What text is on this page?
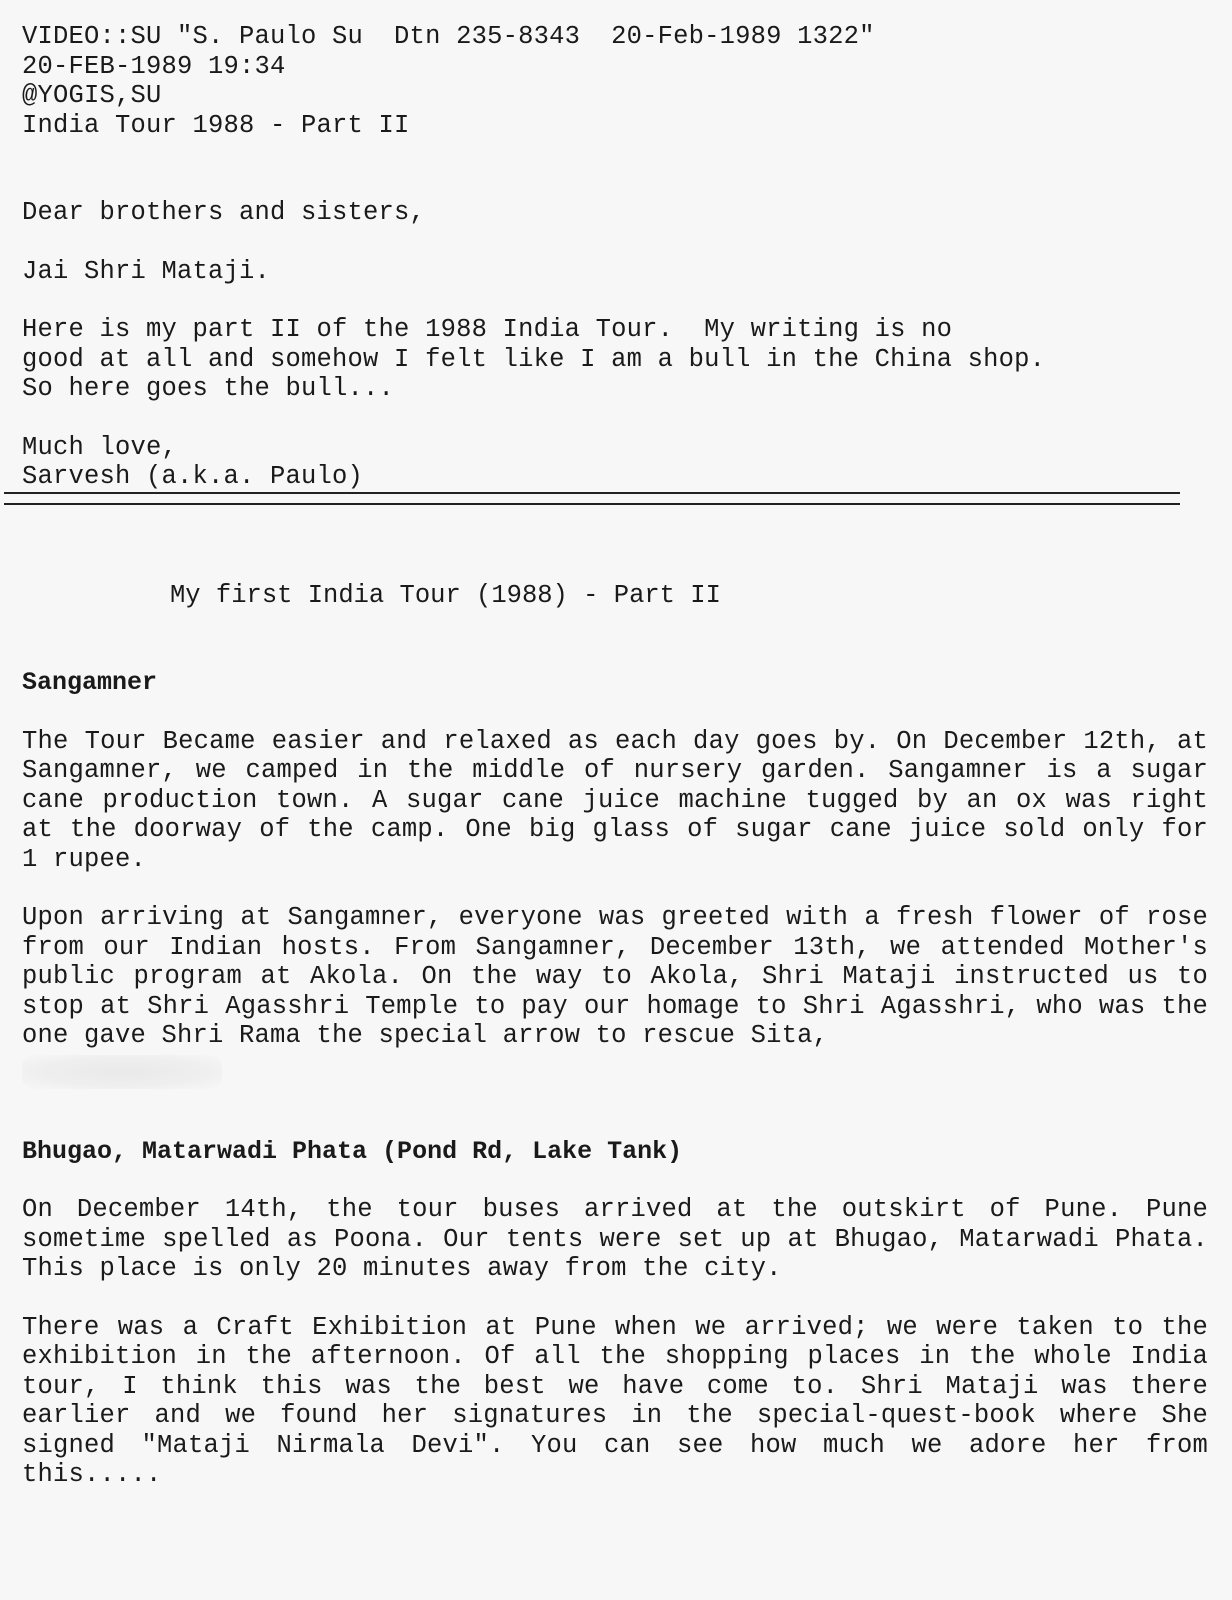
VIDEO::SU "S. Paulo Su  Dtn 235-8343  20-Feb-1989 1322"
20-FEB-1989 19:34
@YOGIS,SU
India Tour 1988 - Part II
Dear brothers and sisters,
Jai Shri Mataji.
Here is my part II of the 1988 India Tour.  My writing is no
good at all and somehow I felt like I am a bull in the China shop.
So here goes the bull...
Much love,
Sarvesh (a.k.a. Paulo)
My first India Tour (1988) - Part II
Sangamner
The Tour Became easier and relaxed as each day goes by. On December 12th, at Sangamner, we camped in the middle of nursery garden. Sangamner is a sugar cane production town. A sugar cane juice machine tugged by an ox was right at the doorway of the camp. One big glass of sugar cane juice sold only for 1 rupee.
Upon arriving at Sangamner, everyone was greeted with a fresh flower of rose from our Indian hosts. From Sangamner, December 13th, we attended Mother's public program at Akola. On the way to Akola, Shri Mataji instructed us to stop at Shri Agasshri Temple to pay our homage to Shri Agasshri, who was the one gave Shri Rama the special arrow to rescue Sita,
Bhugao, Matarwadi Phata (Pond Rd, Lake Tank)
On December 14th, the tour buses arrived at the outskirt of Pune. Pune sometime spelled as Poona. Our tents were set up at Bhugao, Matarwadi Phata. This place is only 20 minutes away from the city.
There was a Craft Exhibition at Pune when we arrived; we were taken to the exhibition in the afternoon. Of all the shopping places in the whole India tour, I think this was the best we have come to. Shri Mataji was there earlier and we found her signatures in the special-quest-book where She signed "Mataji Nirmala Devi". You can see how much we adore her from this.....
